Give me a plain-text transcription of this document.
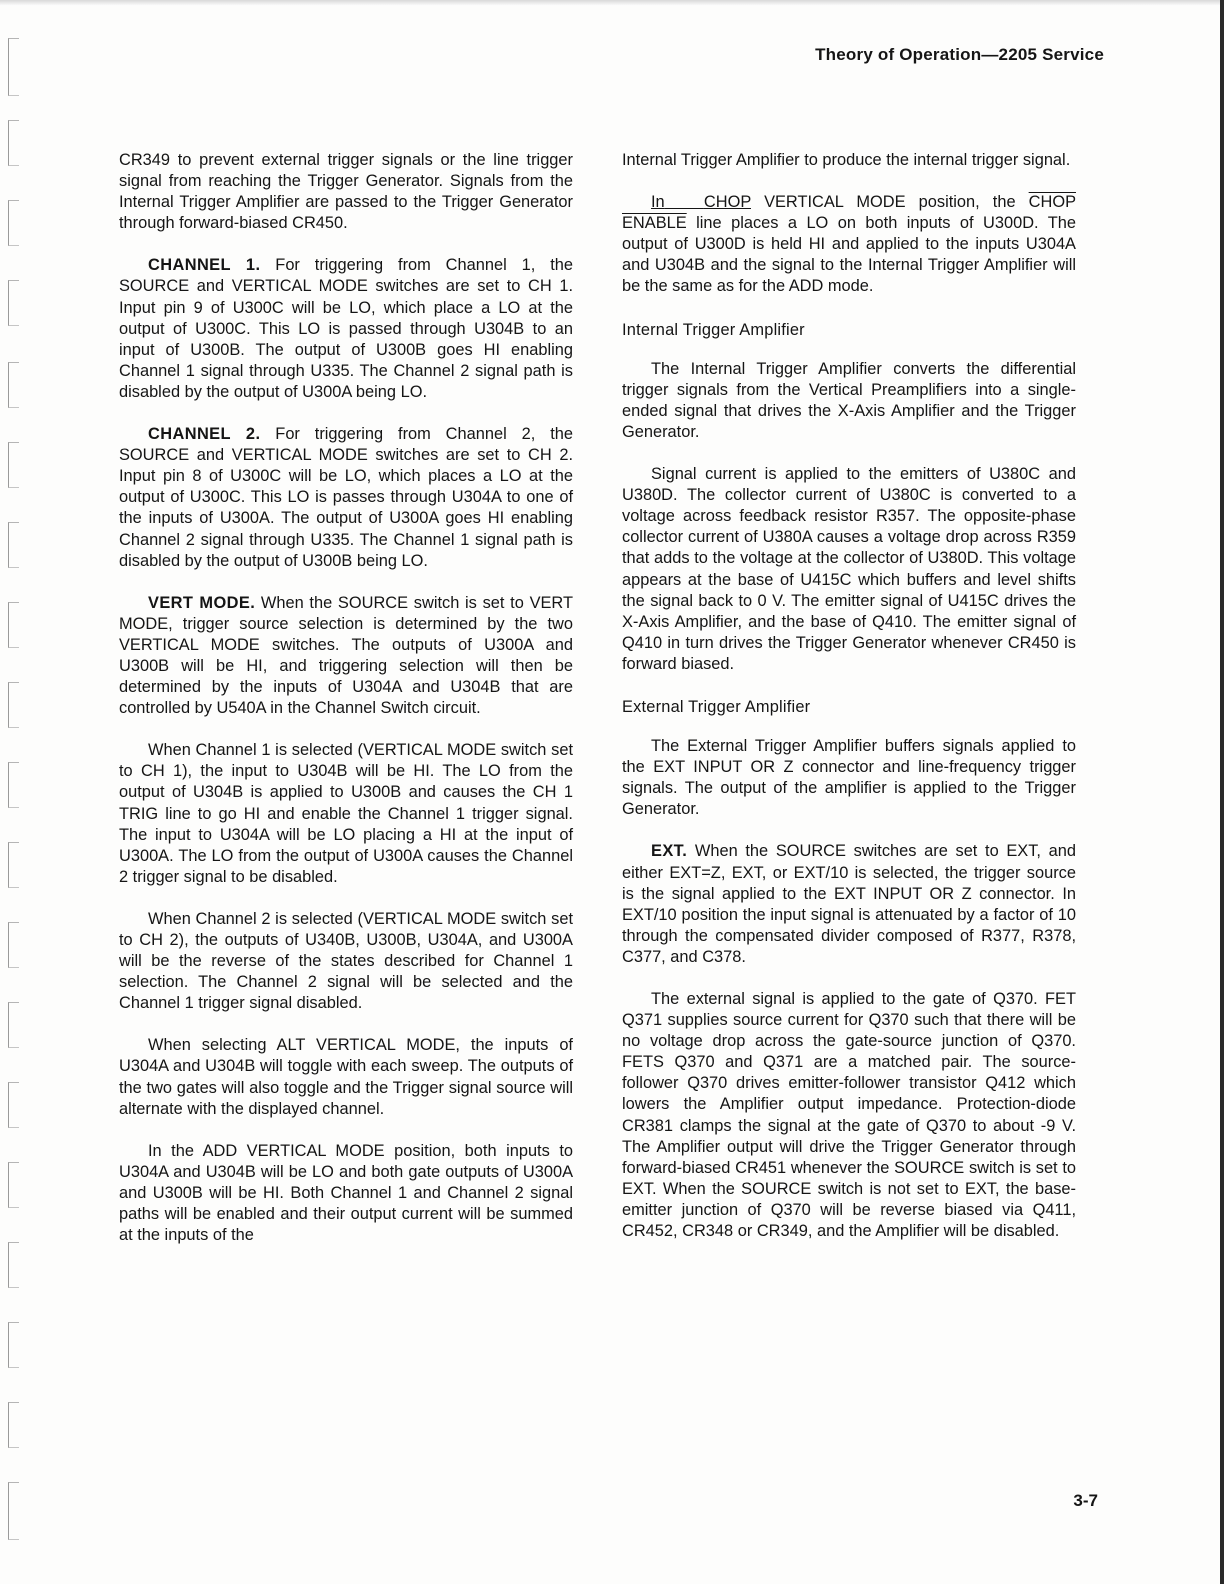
Theory of Operation—2205 Service

CR349 to prevent external trigger signals or the line trigger signal from reaching the Trigger Generator. Signals from the Internal Trigger Amplifier are passed to the Trigger Generator through forward-biased CR450.

CHANNEL 1. For triggering from Channel 1, the SOURCE and VERTICAL MODE switches are set to CH 1. Input pin 9 of U300C will be LO, which place a LO at the output of U300C. This LO is passed through U304B to an input of U300B. The output of U300B goes HI enabling Channel 1 signal through U335. The Channel 2 signal path is disabled by the output of U300A being LO.

CHANNEL 2. For triggering from Channel 2, the SOURCE and VERTICAL MODE switches are set to CH 2. Input pin 8 of U300C will be LO, which places a LO at the output of U300C. This LO is passes through U304A to one of the inputs of U300A. The output of U300A goes HI enabling Channel 2 signal through U335. The Channel 1 signal path is disabled by the output of U300B being LO.

VERT MODE. When the SOURCE switch is set to VERT MODE, trigger source selection is determined by the two VERTICAL MODE switches. The outputs of U300A and U300B will be HI, and triggering selection will then be determined by the inputs of U304A and U304B that are controlled by U540A in the Channel Switch circuit.

When Channel 1 is selected (VERTICAL MODE switch set to CH 1), the input to U304B will be HI. The LO from the output of U304B is applied to U300B and causes the CH 1 TRIG line to go HI and enable the Channel 1 trigger signal. The input to U304A will be LO placing a HI at the input of U300A. The LO from the output of U300A causes the Channel 2 trigger signal to be disabled.

When Channel 2 is selected (VERTICAL MODE switch set to CH 2), the outputs of U340B, U300B, U304A, and U300A will be the reverse of the states described for Channel 1 selection. The Channel 2 signal will be selected and the Channel 1 trigger signal disabled.

When selecting ALT VERTICAL MODE, the inputs of U304A and U304B will toggle with each sweep. The outputs of the two gates will also toggle and the Trigger signal source will alternate with the displayed channel.

In the ADD VERTICAL MODE position, both inputs to U304A and U304B will be LO and both gate outputs of U300A and U300B will be HI. Both Channel 1 and Channel 2 signal paths will be enabled and their output current will be summed at the inputs of the

Internal Trigger Amplifier to produce the internal trigger signal.

In CHOP VERTICAL MODE position, the CHOP ENABLE line places a LO on both inputs of U300D. The output of U300D is held HI and applied to the inputs U304A and U304B and the signal to the Internal Trigger Amplifier will be the same as for the ADD mode.

Internal Trigger Amplifier

The Internal Trigger Amplifier converts the differential trigger signals from the Vertical Preamplifiers into a single-ended signal that drives the X-Axis Amplifier and the Trigger Generator.

Signal current is applied to the emitters of U380C and U380D. The collector current of U380C is converted to a voltage across feedback resistor R357. The opposite-phase collector current of U380A causes a voltage drop across R359 that adds to the voltage at the collector of U380D. This voltage appears at the base of U415C which buffers and level shifts the signal back to 0 V. The emitter signal of U415C drives the X-Axis Amplifier, and the base of Q410. The emitter signal of Q410 in turn drives the Trigger Generator whenever CR450 is forward biased.

External Trigger Amplifier

The External Trigger Amplifier buffers signals applied to the EXT INPUT OR Z connector and line-frequency trigger signals. The output of the amplifier is applied to the Trigger Generator.

EXT. When the SOURCE switches are set to EXT, and either EXT=Z, EXT, or EXT/10 is selected, the trigger source is the signal applied to the EXT INPUT OR Z connector. In EXT/10 position the input signal is attenuated by a factor of 10 through the compensated divider composed of R377, R378, C377, and C378.

The external signal is applied to the gate of Q370. FET Q371 supplies source current for Q370 such that there will be no voltage drop across the gate-source junction of Q370. FETS Q370 and Q371 are a matched pair. The source-follower Q370 drives emitter-follower transistor Q412 which lowers the Amplifier output impedance. Protection-diode CR381 clamps the signal at the gate of Q370 to about -9 V. The Amplifier output will drive the Trigger Generator through forward-biased CR451 whenever the SOURCE switch is set to EXT. When the SOURCE switch is not set to EXT, the base-emitter junction of Q370 will be reverse biased via Q411, CR452, CR348 or CR349, and the Amplifier will be disabled.

3-7
